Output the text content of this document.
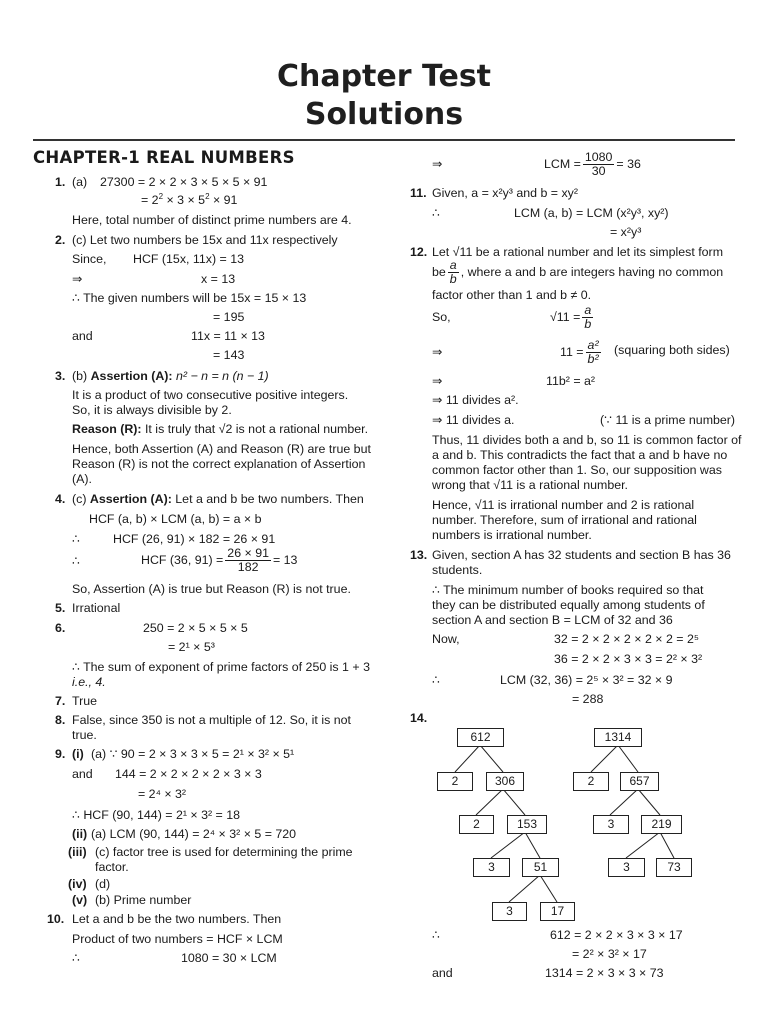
Chapter Test
Solutions
CHAPTER-1 REAL NUMBERS
1. (a) 27300 = 2 × 2 × 3 × 5 × 5 × 91
= $2^2 \times 3 \times 5^2 \times 91$
Here, total number of distinct prime numbers are 4.
2. (c) Let two numbers be 15x and 11x respectively
Since, HCF (15x, 11x) = 13
⇒	x = 13
∴ The given numbers will be 15x = 15 × 13
= 195
and	11x = 11 × 13
= 143
3. (b) Assertion (A): n² − n = n (n − 1)
It is a product of two consecutive positive integers.
So, it is always divisible by 2.
Reason (R): It is truly that √2 is not a rational number.
Hence, both Assertion (A) and Reason (R) are true but
Reason (R) is not the correct explanation of Assertion
(A).
4. (c) Assertion (A): Let a and b be two numbers. Then
HCF (a, b) × LCM (a, b) = a × b
∴	HCF (26, 91) × 182 = 26 × 91
∴	HCF (36, $91) = \frac{26 \times 91}{182} = 13$
So, Assertion (A) is true but Reason (R) is not true.
5. Irrational
6.	250 = 2 × 5 × 5 × 5
= 2¹ × 5³
∴ The sum of exponent of prime factors of 250 is 1 + 3
i.e., 4.
7. True
8. False, since 350 is not a multiple of 12. So, it is not
true.
9. (i) (a) ∵ 90 = 2 × 3 × 3 × 5 = 2¹ × 3² × 5¹
and 144 = 2 × 2 × 2 × 2 × 3 × 3
= 2⁴ × 3²
∴ HCF (90, 144) = 2¹ × 3² = 18
(ii) (a) LCM (90, 144) = 2⁴ × 3² × 5 = 720
(iii) (c) factor tree is used for determining the prime
factor.
(iv) (d)
(v) (b) Prime number
10. Let a and b be the two numbers. Then
Product of two numbers = HCF × LCM
∴	1080 = 30 × LCM
⇒	LCM = $\frac{1080}{30} = 36$
11. Given, a = x²y³ and b = xy²
∴	LCM (a, b) = LCM (x²y³, xy²)
= x²y³
12. Let √11 be a rational number and let its simplest form
be $\frac{a}{b}$ , where a and b are integers having no common
factor other than 1 and b ≠ 0.
So,	$√11 = \frac{a}{b}$
⇒	$11 = \frac{\text{a²}}{\text{b²}}$ (squaring both sides)
⇒	11b² = a²
⇒ 11 divides a².
⇒ 11 divides a.	(∵ 11 is a prime number)
Thus, 11 divides both a and b, so 11 is common factor of
a and b. This contradicts the fact that a and b have no
common factor other than 1. So, our supposition was
wrong that √11 is a rational number.
Hence, √11 is irrational number and 2 is rational
number. Therefore, sum of irrational and rational
numbers is irrational number.
13. Given, section A has 32 students and section B has 36
students.
∴ The minimum number of books required so that
they can be distributed equally among students of
section A and section B = LCM of 32 and 36
Now,	32 = 2 × 2 × 2 × 2 × 2 = 2⁵
36 = 2 × 2 × 3 × 3 = 2² × 3²
∴	LCM (32, 36) = 2⁵ × 3² = 32 × 9
= 288
14.
612
2	306
2	153
3	51
3	17
1314
2	657
3	219
3	73
∴	612 = 2 × 2 × 3 × 3 × 17
= 2² × 3² × 17
and	1314 = 2 × 3 × 3 × 73
